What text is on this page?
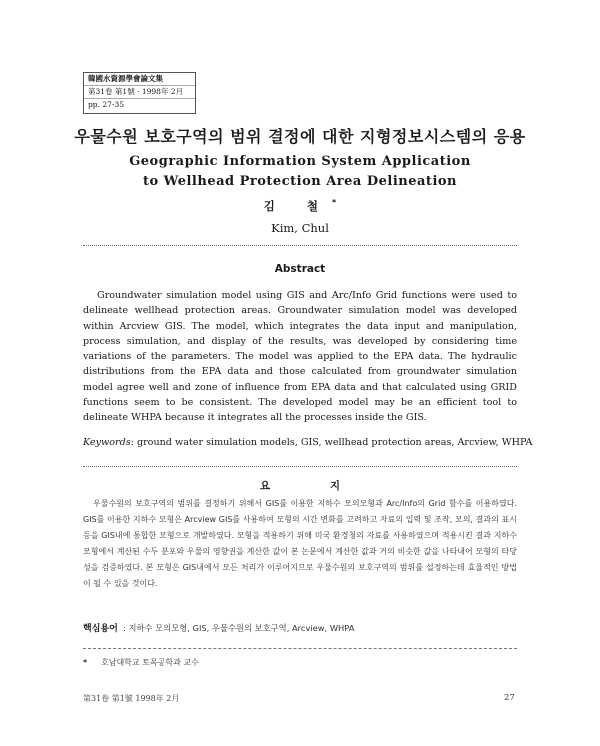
韓國水資源學會論文集
第31卷 第1號 · 1998年 2月
pp. 27-35
우물수원 보호구역의 범위 결정에 대한 지형정보시스템의 응용
Geographic Information System Application
to Wellhead Protection Area Delineation
김 철*
Kim, Chul
Abstract

Groundwater simulation model using GIS and Arc/Info Grid functions were used to delineate wellhead protection areas. Groundwater simulation model was developed within Arcview GIS. The model, which integrates the data input and manipulation, process simulation, and display of the results, was developed by considering time variations of the parameters. The model was applied to the EPA data. The hydraulic distributions from the EPA data and those calculated from groundwater simulation model agree well and zone of influence from EPA data and that calculated using GRID functions seem to be consistent. The developed model may be an efficient tool to delineate WHPA because it integrates all the processes inside the GIS.

Keywords: ground water simulation models, GIS, wellhead protection areas, Arcview, WHPA
요 지

우물수원의 보호구역의 범위를 결정하기 위해서 GIS를 이용한 지하수 모의모형과 Arc/Info의 Grid 함수를 이용하였다. GIS를 이용한 지하수 모형은 Arcview GIS를 사용하여 모형의 시간 변화를 고려하고 자료의 입력 및 조작, 모의, 결과의 표시 등을 GIS내에 통합한 모형으로 개발하였다. 모형을 적용하기 위해 미국 환경청의 자료를 사용하였으며 적용시킨 결과 지하수 모형에서 계산된 수두 분포와 우물의 영향권을 계산한 값이 본 논문에서 계산한 값과 거의 비슷한 값을 나타내어 모형의 타당성을 검증하였다. 본 모형은 GIS내에서 모든 처리가 이루어지므로 우물수원의 보호구역의 범위를 설정하는데 효율적인 방법이 될 수 있을 것이다.

핵심용어 : 지하수 모의모형, GIS, 우물수원의 보호구역, Arcview, WHPA
* 호남대학교 토목공학과 교수
第31卷 第1號 1998年 2月	27
